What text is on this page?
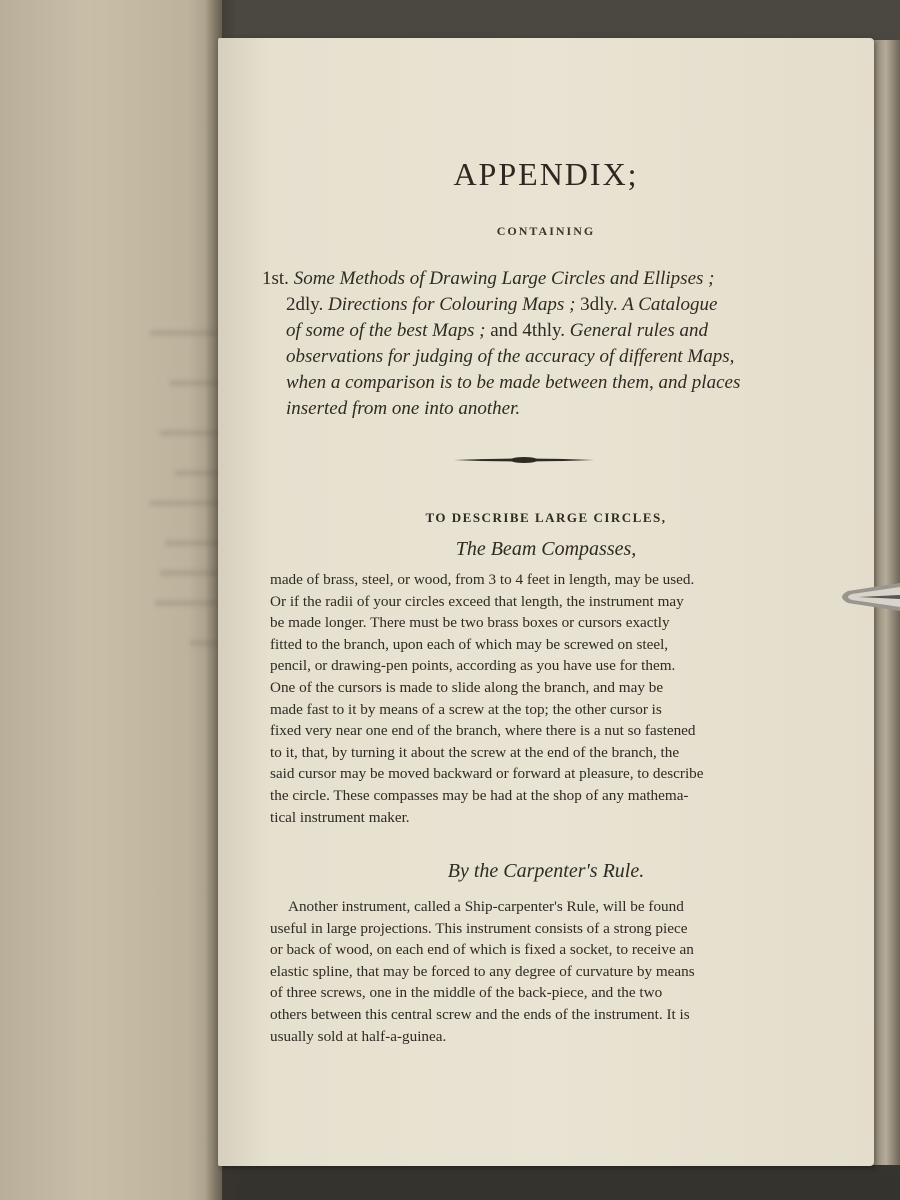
APPENDIX;
CONTAINING
1st. Some Methods of Drawing Large Circles and Ellipses ;
2dly. Directions for Colouring Maps ; 3dly. A Catalogue
of some of the best Maps ; and 4thly. General rules and
observations for judging of the accuracy of different Maps,
when a comparison is to be made between them, and places
inserted from one into another.
TO DESCRIBE LARGE CIRCLES,
The Beam Compasses,
made of brass, steel, or wood, from 3 to 4 feet in length, may be used.
Or if the radii of your circles exceed that length, the instrument may
be made longer. There must be two brass boxes or cursors exactly
fitted to the branch, upon each of which may be screwed on steel,
pencil, or drawing-pen points, according as you have use for them.
One of the cursors is made to slide along the branch, and may be
made fast to it by means of a screw at the top; the other cursor is
fixed very near one end of the branch, where there is a nut so fastened
to it, that, by turning it about the screw at the end of the branch, the
said cursor may be moved backward or forward at pleasure, to describe
the circle. These compasses may be had at the shop of any mathema-
tical instrument maker.
By the Carpenter's Rule.
Another instrument, called a Ship-carpenter's Rule, will be found
useful in large projections. This instrument consists of a strong piece
or back of wood, on each end of which is fixed a socket, to receive an
elastic spline, that may be forced to any degree of curvature by means
of three screws, one in the middle of the back-piece, and the two
others between this central screw and the ends of the instrument. It is
usually sold at half-a-guinea.
